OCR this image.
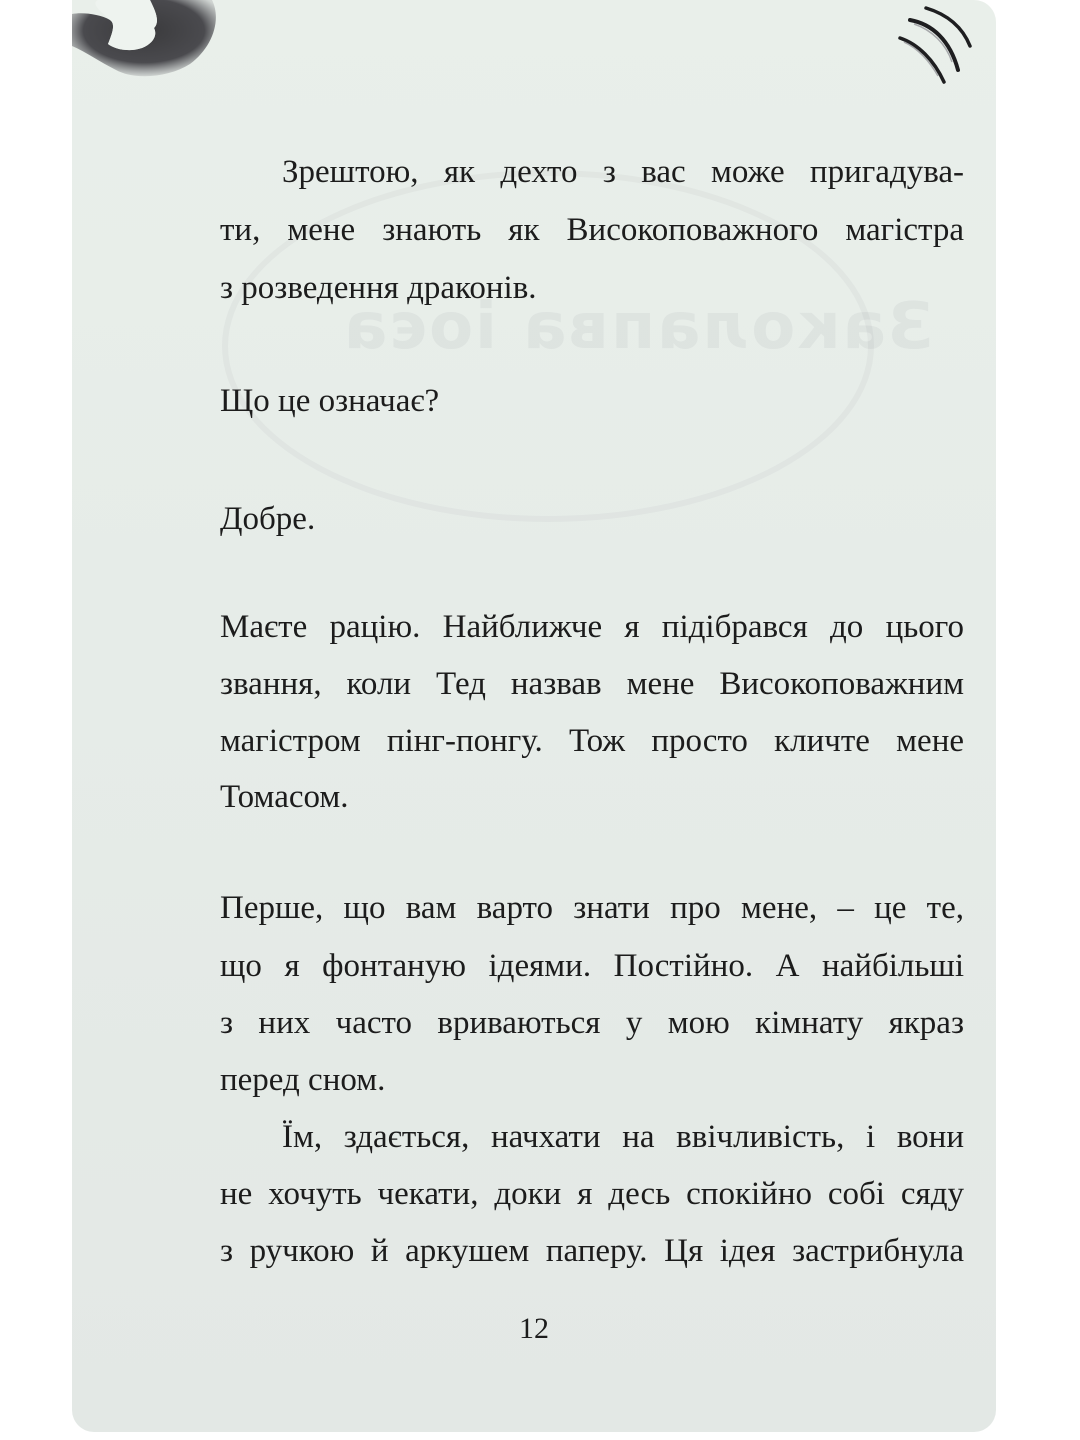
Заколапва іоєа
Зрештою, як дехто з вас може пригадува-
ти, мене знають як Високоповажного магістра
з розведення драконів.
Що це означає?
Добре.
Маєте рацію. Найближче я підібрався до цього
звання, коли Тед назвав мене Високоповажним
магістром пінг-понгу. Тож просто кличте мене
Томасом.
Перше, що вам варто знати про мене, – це те,
що я фонтаную ідеями. Постійно. А найбільші
з них часто вриваються у мою кімнату якраз
перед сном.
Їм, здається, начхати на ввічливість, і вони
не хочуть чекати, доки я десь спокійно собі сяду
з ручкою й аркушем паперу. Ця ідея застрибнула
12
